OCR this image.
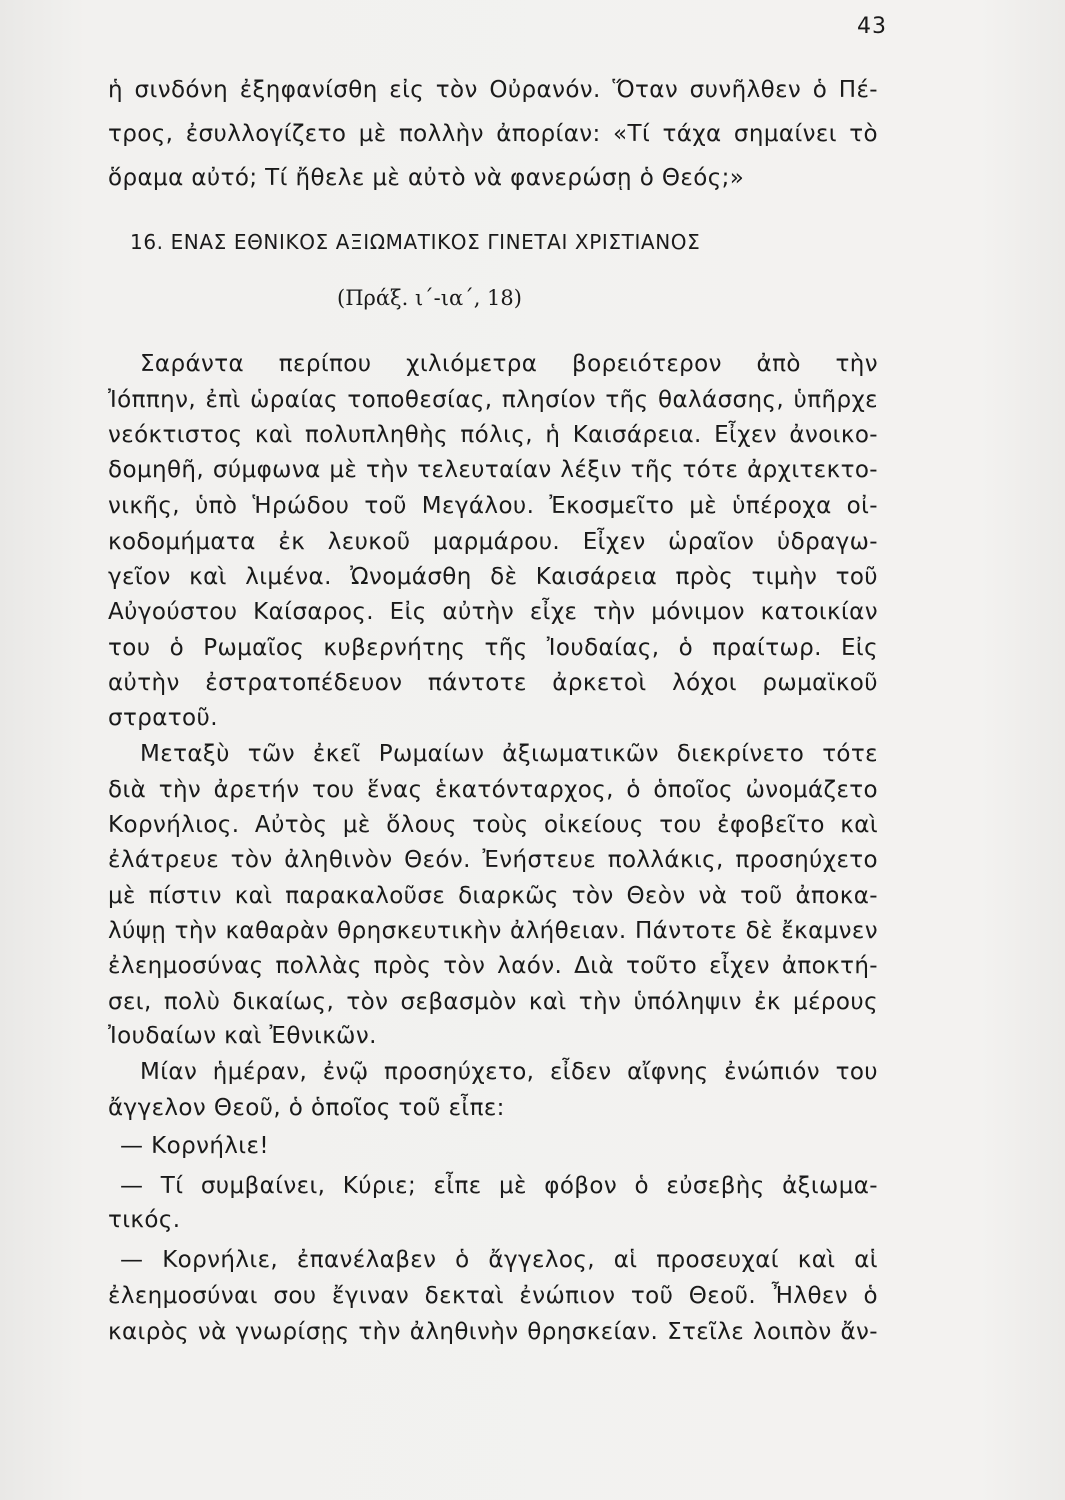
43
ἡ σινδόνη ἐξηφανίσθη εἰς τὸν Οὐρανόν. Ὅταν συνῆλθεν ὁ Πέ-
τρος, ἐσυλλογίζετο μὲ πολλὴν ἀπορίαν: «Τί τάχα σημαίνει τὸ
ὅραμα αὐτό; Τί ἤθελε μὲ αὐτὸ νὰ φανερώσῃ ὁ Θεός;»
16. ΕΝΑΣ ΕΘΝΙΚΟΣ ΑΞΙΩΜΑΤΙΚΟΣ ΓΙΝΕΤΑΙ ΧΡΙΣΤΙΑΝΟΣ
(Πράξ. ι΄-ια΄, 18)
Σαράντα περίπου χιλιόμετρα βορειότερον ἀπὸ τὴν
Ἰόππην, ἐπὶ ὡραίας τοποθεσίας, πλησίον τῆς θαλάσσης, ὑπῆρχε
νεόκτιστος καὶ πολυπληθὴς πόλις, ἡ Καισάρεια. Εἶχεν ἀνοικο-
δομηθῆ, σύμφωνα μὲ τὴν τελευταίαν λέξιν τῆς τότε ἀρχιτεκτο-
νικῆς, ὑπὸ Ἡρώδου τοῦ Μεγάλου. Ἐκοσμεῖτο μὲ ὑπέροχα οἰ-
κοδομήματα ἐκ λευκοῦ μαρμάρου. Εἶχεν ὡραῖον ὑδραγω-
γεῖον καὶ λιμένα. Ὠνομάσθη δὲ Καισάρεια πρὸς τιμὴν τοῦ
Αὐγούστου Καίσαρος. Εἰς αὐτὴν εἶχε τὴν μόνιμον κατοικίαν
του ὁ Ρωμαῖος κυβερνήτης τῆς Ἰουδαίας, ὁ πραίτωρ. Εἰς
αὐτὴν ἐστρατοπέδευον πάντοτε ἀρκετοὶ λόχοι ρωμαϊκοῦ
στρατοῦ.
Μεταξὺ τῶν ἐκεῖ Ρωμαίων ἀξιωματικῶν διεκρίνετο τότε
διὰ τὴν ἀρετήν του ἕνας ἑκατόνταρχος, ὁ ὁποῖος ὠνομάζετο
Κορνήλιος. Αὐτὸς μὲ ὅλους τοὺς οἰκείους του ἐφοβεῖτο καὶ
ἐλάτρευε τὸν ἀληθινὸν Θεόν. Ἐνήστευε πολλάκις, προσηύχετο
μὲ πίστιν καὶ παρακαλοῦσε διαρκῶς τὸν Θεὸν νὰ τοῦ ἀποκα-
λύψῃ τὴν καθαρὰν θρησκευτικὴν ἀλήθειαν. Πάντοτε δὲ ἔκαμνεν
ἐλεημοσύνας πολλὰς πρὸς τὸν λαόν. Διὰ τοῦτο εἶχεν ἀποκτή-
σει, πολὺ δικαίως, τὸν σεβασμὸν καὶ τὴν ὑπόληψιν ἐκ μέρους
Ἰουδαίων καὶ Ἐθνικῶν.
Μίαν ἡμέραν, ἐνῷ προσηύχετο, εἶδεν αἴφνης ἐνώπιόν του
ἄγγελον Θεοῦ, ὁ ὁποῖος τοῦ εἶπε:
— Κορνήλιε!
— Τί συμβαίνει, Κύριε; εἶπε μὲ φόβον ὁ εὐσεβὴς ἀξιωμα-
τικός.
— Κορνήλιε, ἐπανέλαβεν ὁ ἄγγελος, αἱ προσευχαί καὶ αἱ
ἐλεημοσύναι σου ἔγιναν δεκταὶ ἐνώπιον τοῦ Θεοῦ. Ἦλθεν ὁ
καιρὸς νὰ γνωρίσῃς τὴν ἀληθινὴν θρησκείαν. Στεῖλε λοιπὸν ἄν-
